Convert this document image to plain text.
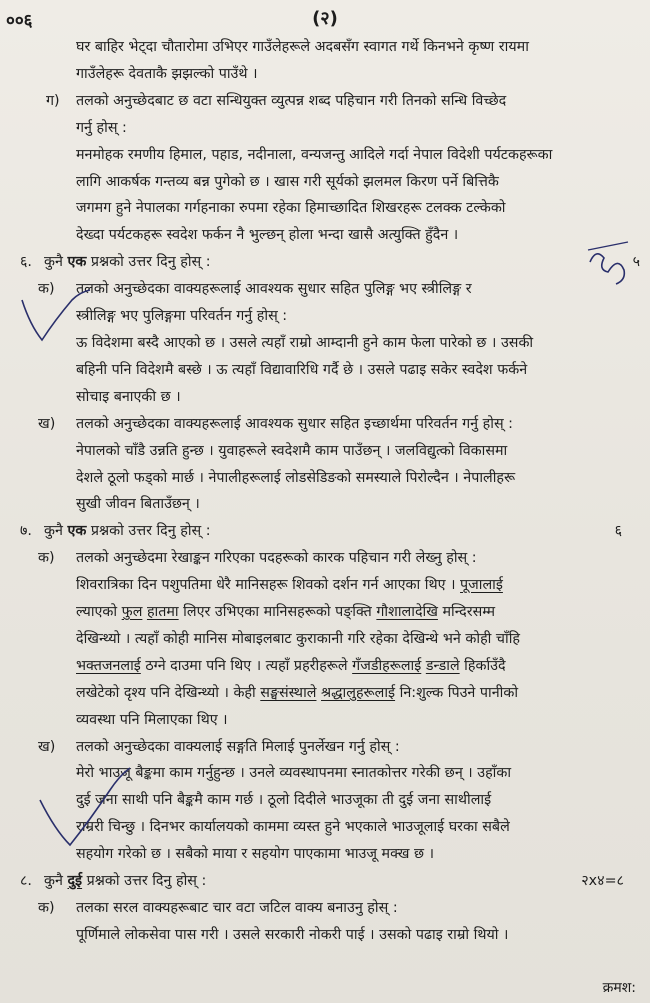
००६	(२)
घर बाहिर भेट्दा चौतारोमा उभिएर गाउँलेहरूले अदबसँग स्वागत गर्थे किनभने कृष्ण रायमा
गाउँलेहरू देवताकै झझल्को पाउँथे ।
ग) तलको अनुच्छेदबाट छ वटा सन्धियुक्त व्युत्पन्न शब्द पहिचान गरी तिनको सन्धि विच्छेद
गर्नु होस् :
मनमोहक रमणीय हिमाल, पहाड, नदीनाला, वन्यजन्तु आदिले गर्दा नेपाल विदेशी पर्यटकहरूका
लागि आकर्षक गन्तव्य बन्न पुगेको छ । खास गरी सूर्यको झलमल किरण पर्ने बित्तिकै
जगमग हुने नेपालका गर्गहनाका रुपमा रहेका हिमाच्छादित शिखरहरू टलक्क टल्केको
देख्दा पर्यटकहरू स्वदेश फर्कन नै भुल्छन् होला भन्दा खासै अत्युक्ति हुँदैन ।
६. कुनै एक प्रश्नको उत्तर दिनु होस् :	५
क) तलको अनुच्छेदका वाक्यहरूलाई आवश्यक सुधार सहित पुलिङ्ग भए स्त्रीलिङ्ग र
स्त्रीलिङ्ग भए पुलिङ्गमा परिवर्तन गर्नु होस् :
ऊ विदेशमा बस्दै आएको छ । उसले त्यहाँ राम्रो आम्दानी हुने काम फेला पारेको छ । उसकी
बहिनी पनि विदेशमै बस्छे । ऊ त्यहाँ विद्यावारिधि गर्दै छे । उसले पढाइ सकेर स्वदेश फर्कने
सोचाइ बनाएकी छ ।
ख) तलको अनुच्छेदका वाक्यहरूलाई आवश्यक सुधार सहित इच्छार्थमा परिवर्तन गर्नु होस् :
नेपालको चाँडै उन्नति हुन्छ । युवाहरूले स्वदेशमै काम पाउँछन् । जलविद्युत्को विकासमा
देशले ठूलो फड्को मार्छ । नेपालीहरूलाई लोडसेडिङको समस्याले पिरोल्दैन । नेपालीहरू
सुखी जीवन बिताउँछन् ।
७. कुनै एक प्रश्नको उत्तर दिनु होस् :	६
क) तलको अनुच्छेदमा रेखाङ्कन गरिएका पदहरूको कारक पहिचान गरी लेख्नु होस् :
शिवरात्रिका दिन पशुपतिमा धेरै मानिसहरू शिवको दर्शन गर्न आएका थिए । पूजालाई
ल्याएको फुल हातमा लिएर उभिएका मानिसहरूको पङ्क्ति गौशालादेखि मन्दिरसम्म
देखिन्थ्यो । त्यहाँ कोही मानिस मोबाइलबाट कुराकानी गरि रहेका देखिन्थे भने कोही चाँहि
भक्तजनलाई ठग्ने दाउमा पनि थिए । त्यहाँ प्रहरीहरूले गँजडीहरूलाई डन्डाले हिर्काउँदै
लखेटेको दृश्य पनि देखिन्थ्यो । केही सङ्घसंस्थाले श्रद्धालुहरूलाई नि:शुल्क पिउने पानीको
व्यवस्था पनि मिलाएका थिए ।
ख) तलको अनुच्छेदका वाक्यलाई सङ्गति मिलाई पुनर्लेखन गर्नु होस् :
मेरो भाउजू बैङ्कमा काम गर्नुहुन्छ । उनले व्यवस्थापनमा स्नातकोत्तर गरेकी छन् । उहाँका
दुई जना साथी पनि बैङ्कमै काम गर्छ । ठूलो दिदीले भाउजूका ती दुई जना साथीलाई
राम्ररी चिन्छु । दिनभर कार्यालयको काममा व्यस्त हुने भएकाले भाउजूलाई घरका सबैले
सहयोग गरेको छ । सबैको माया र सहयोग पाएकामा भाउजू मक्ख छ ।
८. कुनै दुई प्रश्नको उत्तर दिनु होस् :	२x४=८
क) तलका सरल वाक्यहरूबाट चार वटा जटिल वाक्य बनाउनु होस् :
पूर्णिमाले लोकसेवा पास गरी । उसले सरकारी नोकरी पाई । उसको पढाइ राम्रो थियो ।
क्रमश:
